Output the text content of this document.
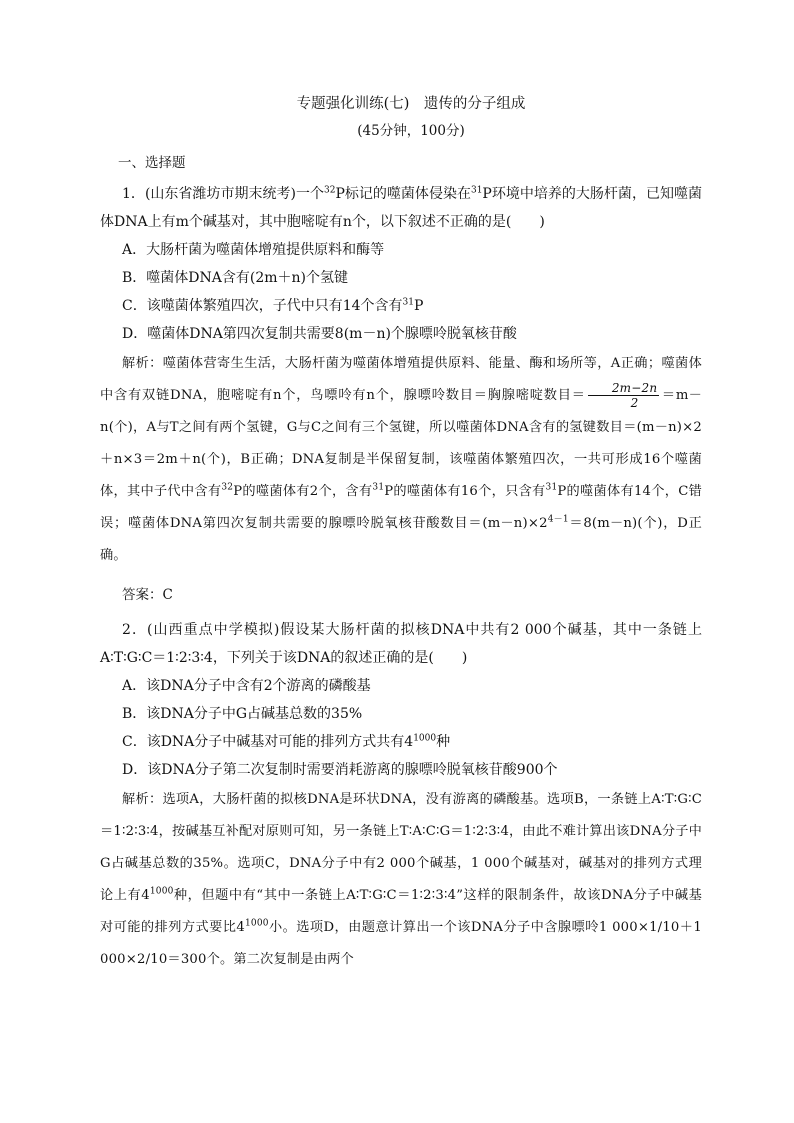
专题强化训练(七)　遗传的分子组成

(45分钟，100分)

一、选择题

1．(山东省潍坊市期末统考)一个$^{32}$P标记的噬菌体侵染在$^{31}$P环境中培养的大肠杆菌，已知噬菌体DNA上有m个碱基对，其中胞嘧啶有n个，以下叙述不正确的是(　　)

A．大肠杆菌为噬菌体增殖提供原料和酶等

B．噬菌体DNA含有(2m＋n)个氢键

C．该噬菌体繁殖四次，子代中只有14个含有$^{31}$P

D．噬菌体DNA第四次复制共需要8(m－n)个腺嘌呤脱氧核苷酸

解析：噬菌体营寄生生活，大肠杆菌为噬菌体增殖提供原料、能量、酶和场所等，A正确；噬菌体中含有双链DNA，胞嘧啶有n个，鸟嘌呤有n个，腺嘌呤数目＝胸腺嘧啶数目＝ $\frac{2m-2n}{2} =m-n$(个)，A与T之间有两个氢键，G与C之间有三个氢键，所以噬菌体DNA含有的氢键数目＝(m－n)×2＋n×3＝2m＋n(个)，B正确；DNA复制是半保留复制，该噬菌体繁殖四次，一共可形成16个噬菌体，其中子代中含有$^{32}$P的噬菌体有2个，含有$^{31}$P的噬菌体有16个，只含有$^{31}$P的噬菌体有14个，C错误；噬菌体DNA第四次复制共需要的腺嘌呤脱氧核苷酸数目$=(m-n)\times 2^{4-1}=8(m-n)$(个)，D正确。

答案：C

2．(山西重点中学模拟)假设某大肠杆菌的拟核DNA中共有2 000个碱基，其中一条链上A∶T∶G∶C＝1∶2∶3∶4，下列关于该DNA的叙述正确的是(　　)

A．该DNA分子中含有2个游离的磷酸基

B．该DNA分子中G占碱基总数的35%

C．该DNA分子中碱基对可能的排列方式共有$4^{1000}$种

D．该DNA分子第二次复制时需要消耗游离的腺嘌呤脱氧核苷酸900个

解析：选项A，大肠杆菌的拟核DNA是环状DNA，没有游离的磷酸基。选项B，一条链上A∶T∶G∶C＝1∶2∶3∶4，按碱基互补配对原则可知，另一条链上T∶A∶C∶G＝1∶2∶3∶4，由此不难计算出该DNA分子中G占碱基总数的35%。选项C，DNA分子中有2 000个碱基，1 000个碱基对，碱基对的排列方式理论上有$4^{1000}$种，但题中有“其中一条链上A∶T∶G∶C＝1∶2∶3∶4”这样的限制条件，故该DNA分子中碱基对可能的排列方式要比$4^{1000}$小。选项D，由题意计算出一个该DNA分子中含腺嘌呤1 000×1/10＋1 000×2/10＝300个。第二次复制是由两个
